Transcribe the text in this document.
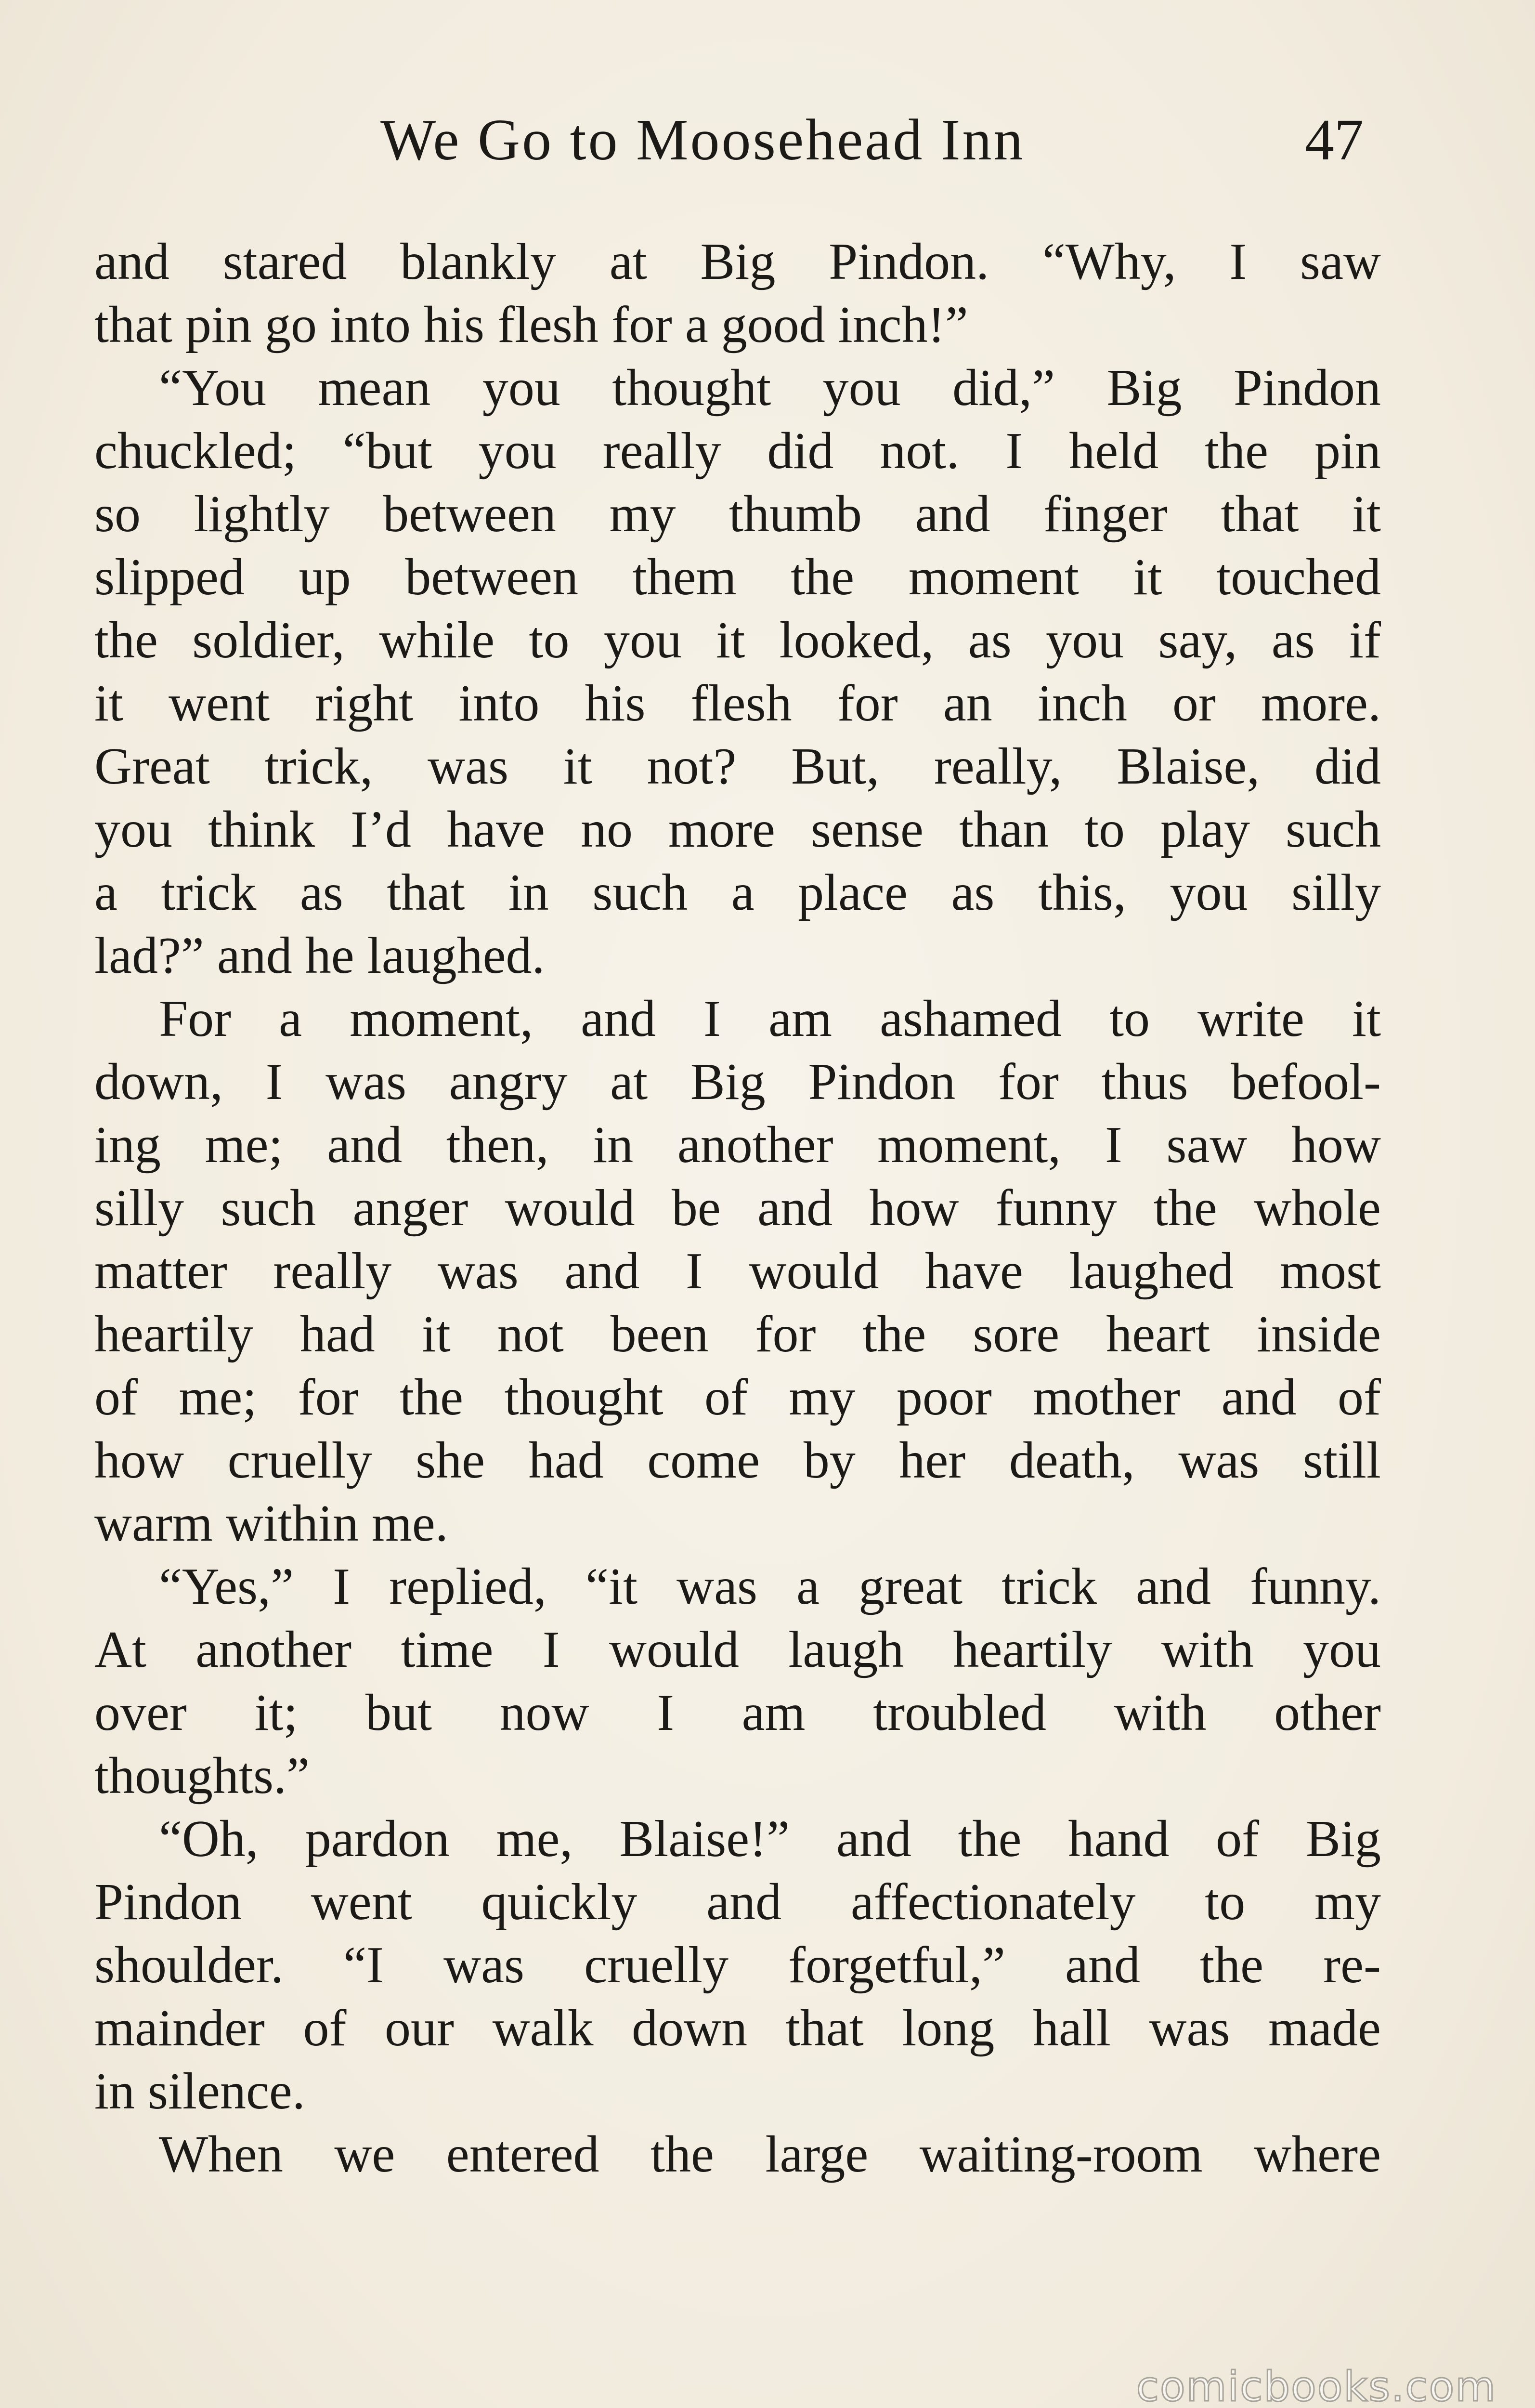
We Go to Moosehead Inn	47
and stared blankly at Big Pindon. “Why, I saw
that pin go into his flesh for a good inch!”
“You mean you thought you did,” Big Pindon
chuckled; “but you really did not. I held the pin
so lightly between my thumb and finger that it
slipped up between them the moment it touched
the soldier, while to you it looked, as you say, as if
it went right into his flesh for an inch or more.
Great trick, was it not? But, really, Blaise, did
you think I’d have no more sense than to play such
a trick as that in such a place as this, you silly
lad?” and he laughed.
For a moment, and I am ashamed to write it
down, I was angry at Big Pindon for thus befool-
ing me; and then, in another moment, I saw how
silly such anger would be and how funny the whole
matter really was and I would have laughed most
heartily had it not been for the sore heart inside
of me; for the thought of my poor mother and of
how cruelly she had come by her death, was still
warm within me.
“Yes,” I replied, “it was a great trick and funny.
At another time I would laugh heartily with you
over it; but now I am troubled with other
thoughts.”
“Oh, pardon me, Blaise!” and the hand of Big
Pindon went quickly and affectionately to my
shoulder. “I was cruelly forgetful,” and the re-
mainder of our walk down that long hall was made
in silence.
When we entered the large waiting-room where
comicbooks.com
